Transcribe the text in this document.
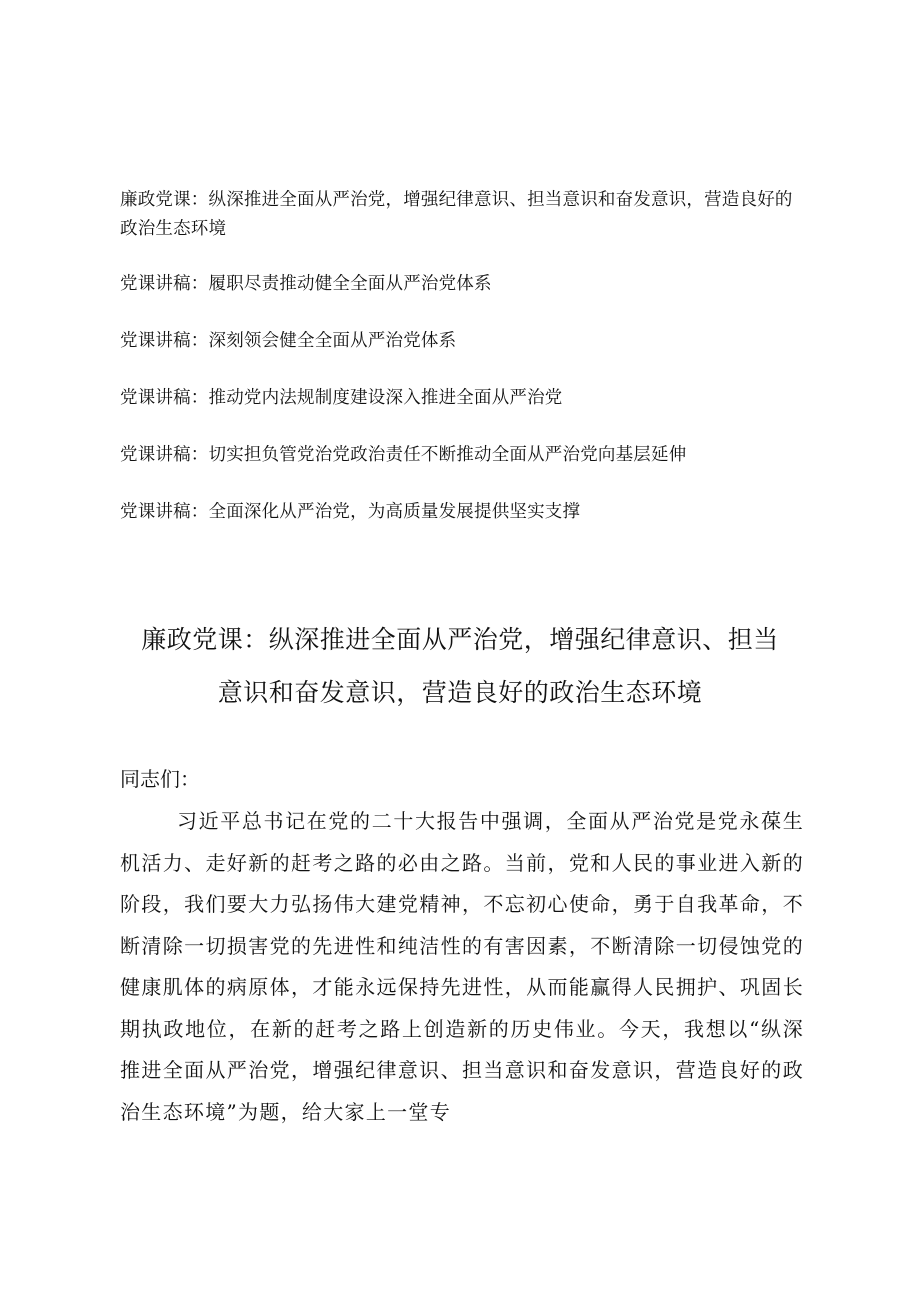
廉政党课：纵深推进全面从严治党，增强纪律意识、担当意识和奋发意识，营造良好的政治生态环境
党课讲稿：履职尽责推动健全全面从严治党体系
党课讲稿：深刻领会健全全面从严治党体系
党课讲稿：推动党内法规制度建设深入推进全面从严治党
党课讲稿：切实担负管党治党政治责任不断推动全面从严治党向基层延伸
党课讲稿：全面深化从严治党，为高质量发展提供坚实支撑
廉政党课：纵深推进全面从严治党，增强纪律意识、担当意识和奋发意识，营造良好的政治生态环境

同志们：

习近平总书记在党的二十大报告中强调，全面从严治党是党永葆生机活力、走好新的赶考之路的必由之路。当前，党和人民的事业进入新的阶段，我们要大力弘扬伟大建党精神，不忘初心使命，勇于自我革命，不断清除一切损害党的先进性和纯洁性的有害因素，不断清除一切侵蚀党的健康肌体的病原体，才能永远保持先进性，从而能赢得人民拥护、巩固长期执政地位，在新的赶考之路上创造新的历史伟业。今天，我想以“纵深推进全面从严治党，增强纪律意识、担当意识和奋发意识，营造良好的政治生态环境”为题，给大家上一堂专
